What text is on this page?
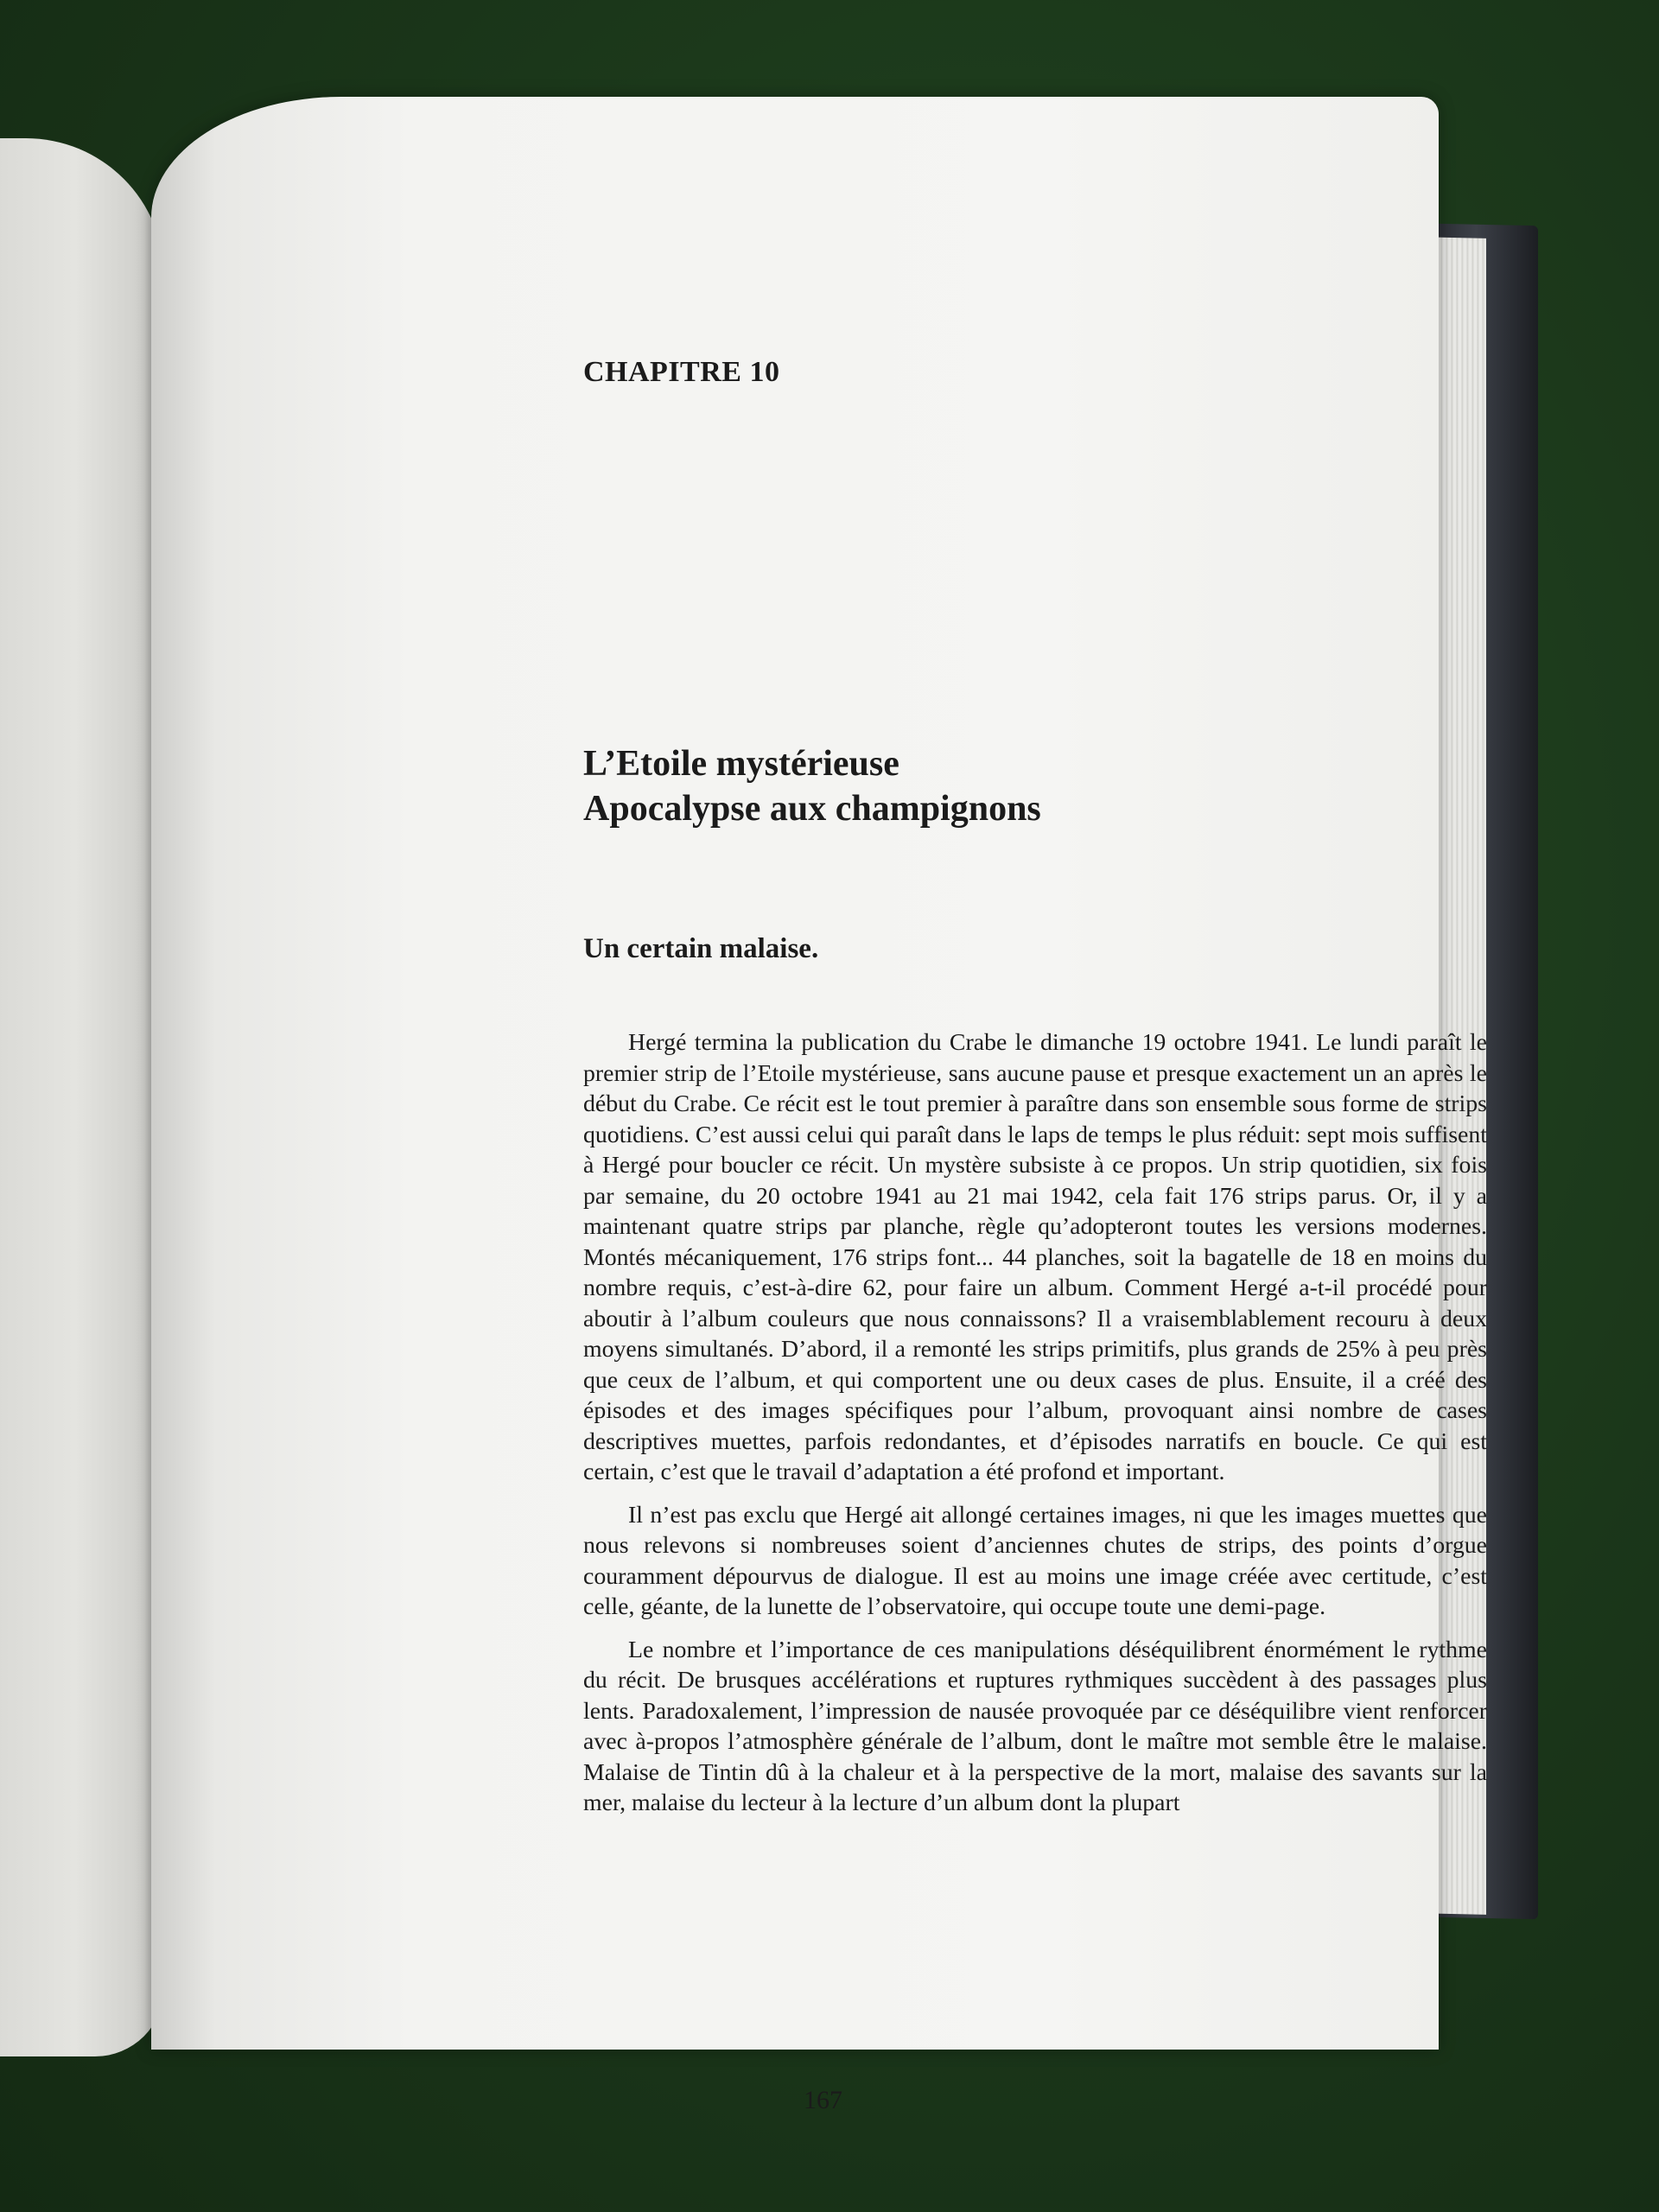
CHAPITRE 10
L’Etoile mystérieuse
Apocalypse aux champignons
Un certain malaise.

Hergé termina la publication du Crabe le dimanche 19 octobre 1941. Le lundi paraît le premier strip de l’Etoile mystérieuse, sans aucune pause et presque exactement un an après le début du Crabe. Ce récit est le tout premier à paraître dans son ensemble sous forme de strips quotidiens. C’est aussi celui qui paraît dans le laps de temps le plus réduit: sept mois suffisent à Hergé pour boucler ce récit. Un mystère subsiste à ce propos. Un strip quotidien, six fois par semaine, du 20 octobre 1941 au 21 mai 1942, cela fait 176 strips parus. Or, il y a maintenant quatre strips par planche, règle qu’adopteront toutes les versions modernes. Montés mécaniquement, 176 strips font... 44 planches, soit la bagatelle de 18 en moins du nombre requis, c’est-à-dire 62, pour faire un album. Comment Hergé a-t-il procédé pour aboutir à l’album couleurs que nous connaissons? Il a vraisemblablement recouru à deux moyens simultanés. D’abord, il a remonté les strips primitifs, plus grands de 25% à peu près que ceux de l’album, et qui comportent une ou deux cases de plus. Ensuite, il a créé des épisodes et des images spécifiques pour l’album, provoquant ainsi nombre de cases descriptives muettes, parfois redondantes, et d’épisodes narratifs en boucle. Ce qui est certain, c’est que le travail d’adaptation a été profond et important.

Il n’est pas exclu que Hergé ait allongé certaines images, ni que les images muettes que nous relevons si nombreuses soient d’anciennes chutes de strips, des points d’orgue couramment dépourvus de dialogue. Il est au moins une image créée avec certitude, c’est celle, géante, de la lunette de l’observatoire, qui occupe toute une demi-page.

Le nombre et l’importance de ces manipulations déséquilibrent énormément le rythme du récit. De brusques accélérations et ruptures rythmiques succèdent à des passages plus lents. Paradoxalement, l’impression de nausée provoquée par ce déséquilibre vient renforcer avec à-propos l’atmosphère générale de l’album, dont le maître mot semble être le malaise. Malaise de Tintin dû à la chaleur et à la perspective de la mort, malaise des savants sur la mer, malaise du lecteur à la lecture d’un album dont la plupart

167
